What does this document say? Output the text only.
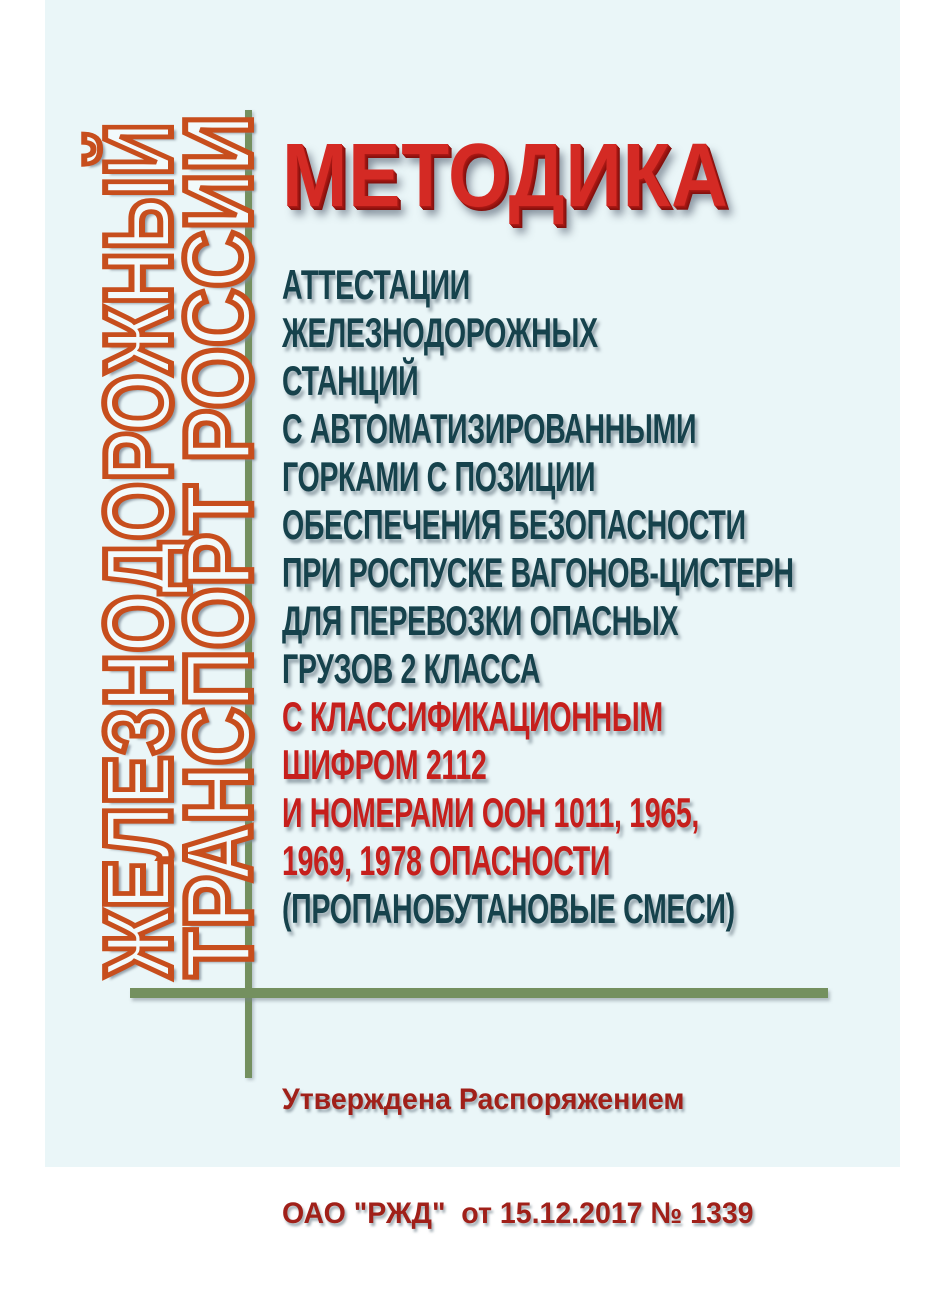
ЖЕЛЕЗНОДОРОЖНЫЙ
ТРАНСПОРТ РОССИИ МЕТОДИКА
АТТЕСТАЦИИ
ЖЕЛЕЗНОДОРОЖНЫХ
СТАНЦИЙ
С АВТОМАТИЗИРОВАННЫМИ
ГОРКАМИ С ПОЗИЦИИ
ОБЕСПЕЧЕНИЯ БЕЗОПАСНОСТИ
ПРИ РОСПУСКЕ ВАГОНОВ-ЦИСТЕРН
ДЛЯ ПЕРЕВОЗКИ ОПАСНЫХ
ГРУЗОВ 2 КЛАССА
С КЛАССИФИКАЦИОННЫМ
ШИФРОМ 2112
И НОМЕРАМИ ООН 1011, 1965,
1969, 1978 ОПАСНОСТИ
(ПРОПАНОБУТАНОВЫЕ СМЕСИ)

Утверждена Распоряжением

ОАО "РЖД"  от 15.12.2017 № 1339
